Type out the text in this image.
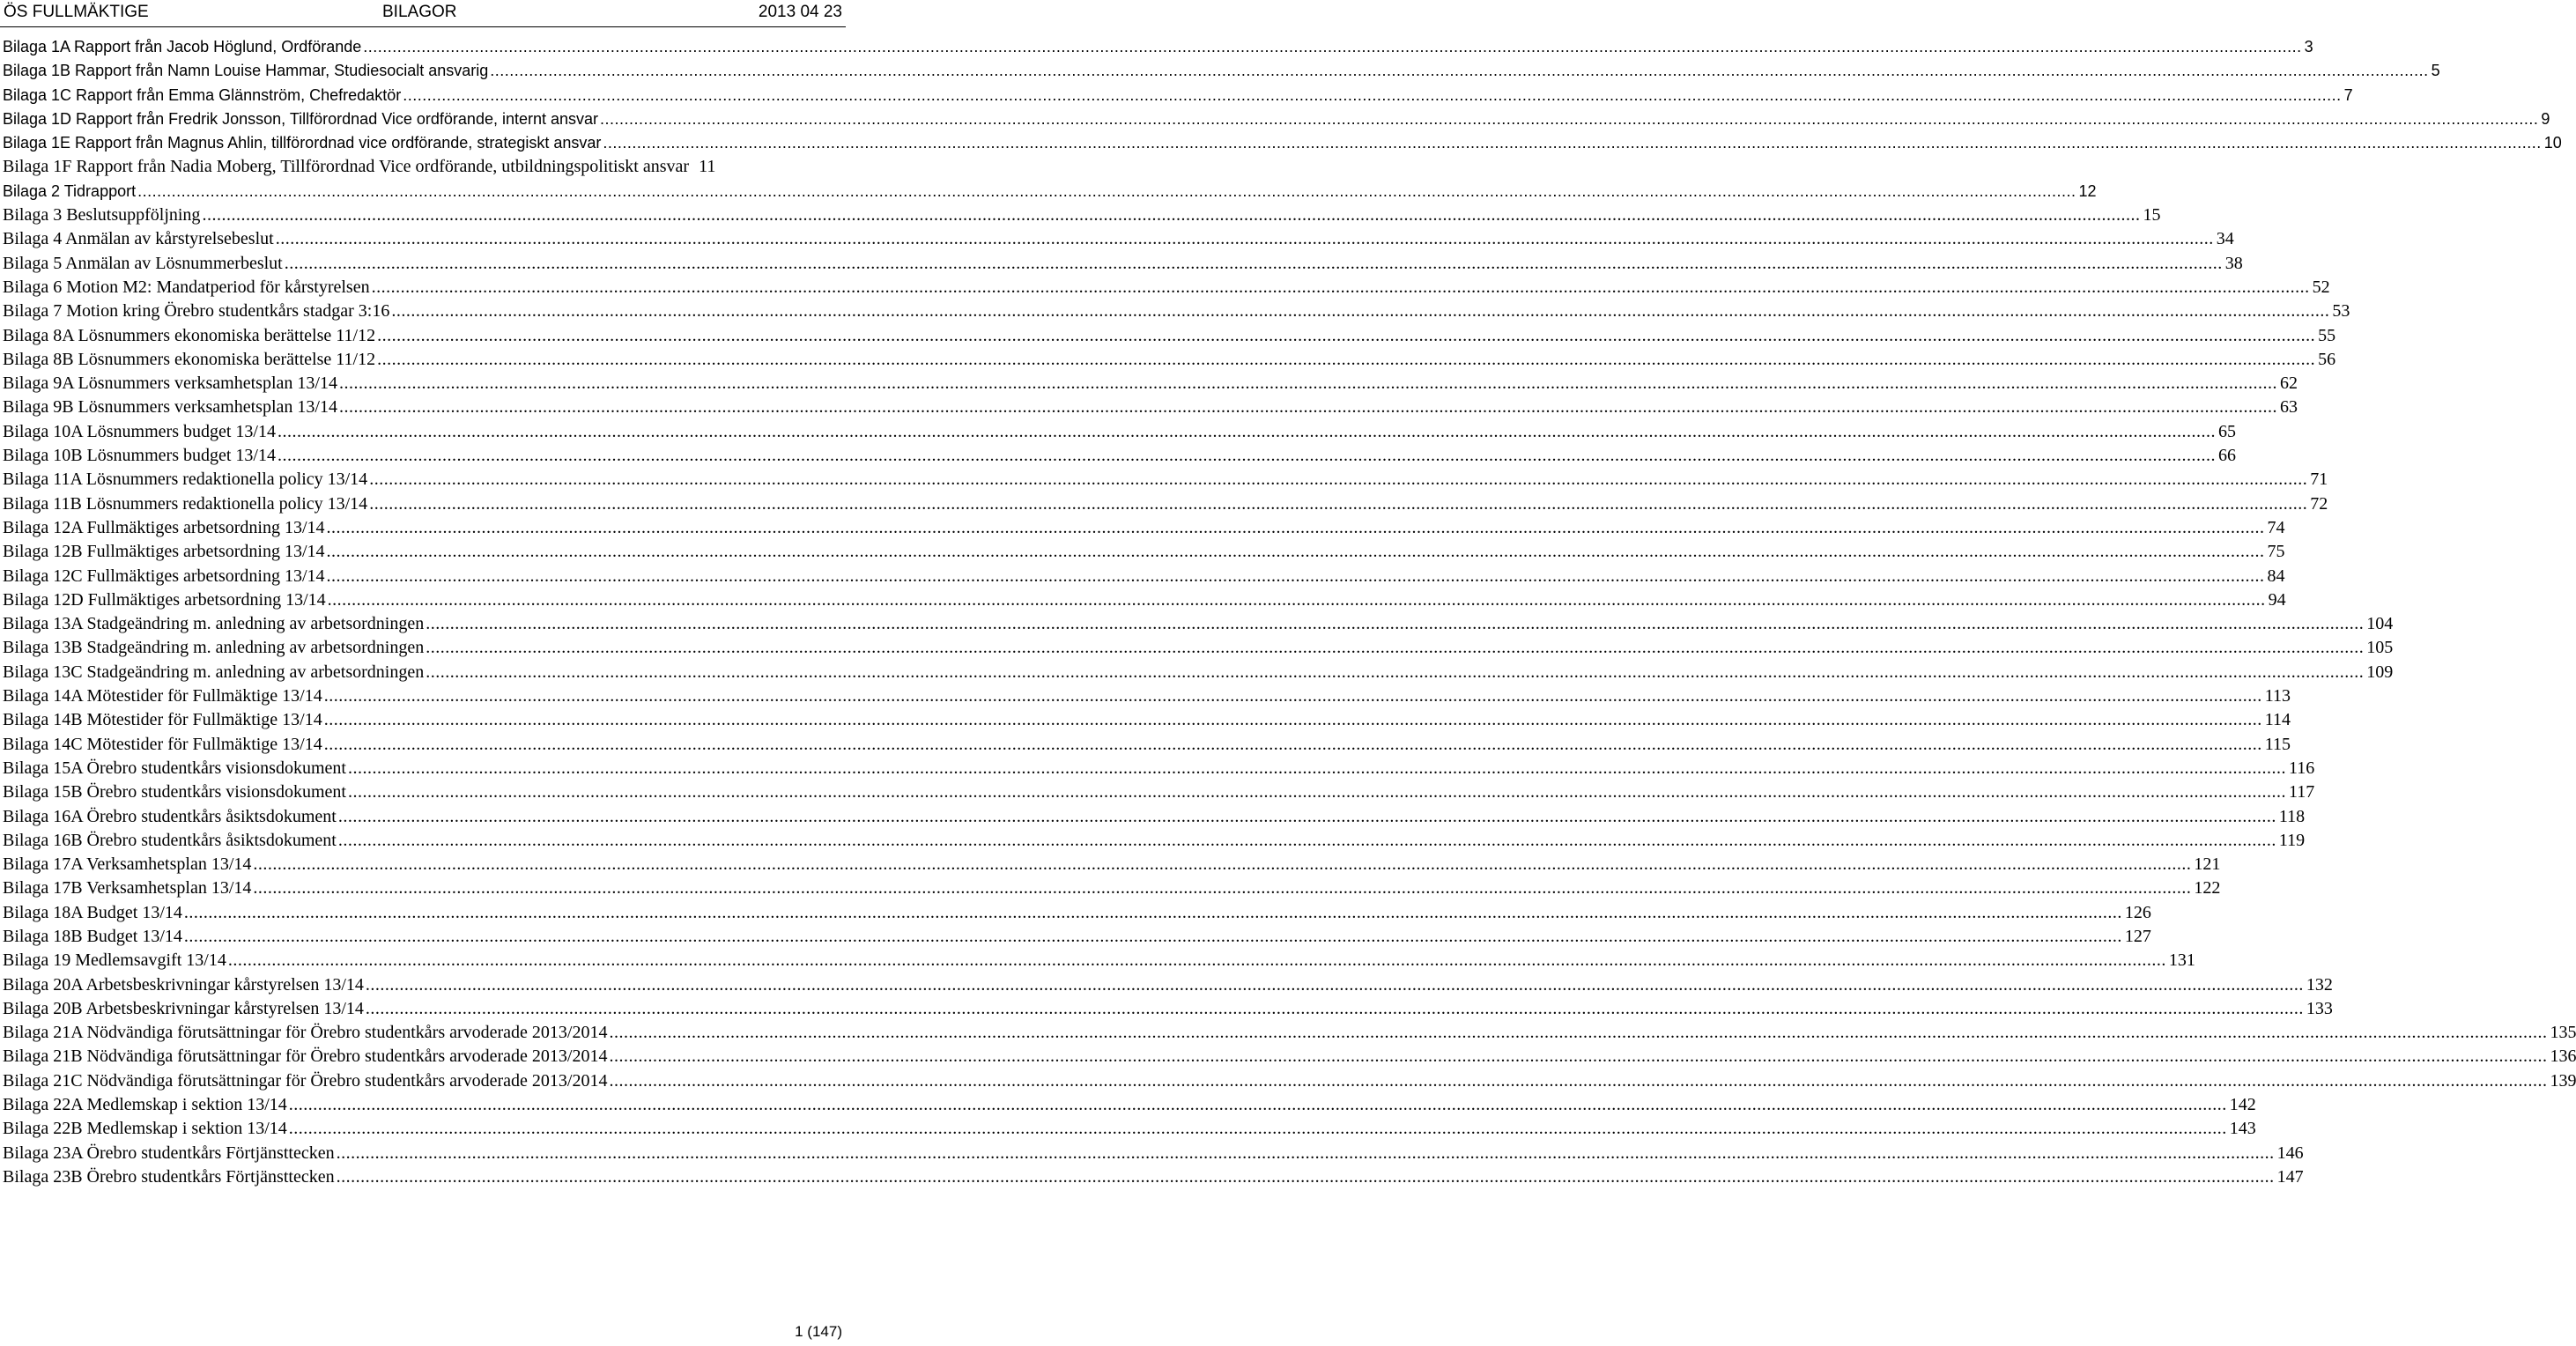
ÖS FULLMÄKTIGE	BILAGOR	2013 04 23
Bilaga 1A Rapport från Jacob Höglund, Ordförande ................................................................................................................................................................................................................................................................................................................................................................................................................ 3
Bilaga 1B Rapport från Namn Louise Hammar, Studiesocialt ansvarig ................................................................................................................................................................................................................................................................................................................................................................................................................ 5
Bilaga 1C Rapport från Emma Glännström, Chefredaktör ................................................................................................................................................................................................................................................................................................................................................................................................................ 7
Bilaga 1D Rapport från Fredrik Jonsson, Tillförordnad Vice ordförande, internt ansvar ................................................................................................................................................................................................................................................................................................................................................................................................................ 9
Bilaga 1E Rapport från Magnus Ahlin, tillförordnad vice ordförande, strategiskt ansvar ................................................................................................................................................................................................................................................................................................................................................................................................................ 10
Bilaga 1F Rapport från Nadia Moberg, Tillförordnad Vice ordförande, utbildningspolitiskt ansvar 11
Bilaga 2 Tidrapport ................................................................................................................................................................................................................................................................................................................................................................................................................ 12
Bilaga 3 Beslutsuppföljning ................................................................................................................................................................................................................................................................................................................................................................................................................ 15
Bilaga 4 Anmälan av kårstyrelsebeslut ................................................................................................................................................................................................................................................................................................................................................................................................................ 34
Bilaga 5 Anmälan av Lösnummerbeslut ................................................................................................................................................................................................................................................................................................................................................................................................................ 38
Bilaga 6 Motion M2: Mandatperiod för kårstyrelsen ................................................................................................................................................................................................................................................................................................................................................................................................................ 52
Bilaga 7 Motion kring Örebro studentkårs stadgar 3:16 ................................................................................................................................................................................................................................................................................................................................................................................................................ 53
Bilaga 8A Lösnummers ekonomiska berättelse 11/12 ................................................................................................................................................................................................................................................................................................................................................................................................................ 55
Bilaga 8B Lösnummers ekonomiska berättelse 11/12 ................................................................................................................................................................................................................................................................................................................................................................................................................ 56
Bilaga 9A Lösnummers verksamhetsplan 13/14 ................................................................................................................................................................................................................................................................................................................................................................................................................ 62
Bilaga 9B Lösnummers verksamhetsplan 13/14 ................................................................................................................................................................................................................................................................................................................................................................................................................ 63
Bilaga 10A Lösnummers budget 13/14 ................................................................................................................................................................................................................................................................................................................................................................................................................ 65
Bilaga 10B Lösnummers budget 13/14 ................................................................................................................................................................................................................................................................................................................................................................................................................ 66
Bilaga 11A Lösnummers redaktionella policy 13/14 ................................................................................................................................................................................................................................................................................................................................................................................................................ 71
Bilaga 11B Lösnummers redaktionella policy 13/14 ................................................................................................................................................................................................................................................................................................................................................................................................................ 72
Bilaga 12A Fullmäktiges arbetsordning 13/14 ................................................................................................................................................................................................................................................................................................................................................................................................................ 74
Bilaga 12B Fullmäktiges arbetsordning 13/14 ................................................................................................................................................................................................................................................................................................................................................................................................................ 75
Bilaga 12C Fullmäktiges arbetsordning 13/14 ................................................................................................................................................................................................................................................................................................................................................................................................................ 84
Bilaga 12D Fullmäktiges arbetsordning 13/14 ................................................................................................................................................................................................................................................................................................................................................................................................................ 94
Bilaga 13A Stadgeändring m. anledning av arbetsordningen ................................................................................................................................................................................................................................................................................................................................................................................................................ 104
Bilaga 13B Stadgeändring m. anledning av arbetsordningen ................................................................................................................................................................................................................................................................................................................................................................................................................ 105
Bilaga 13C Stadgeändring m. anledning av arbetsordningen ................................................................................................................................................................................................................................................................................................................................................................................................................ 109
Bilaga 14A Mötestider för Fullmäktige 13/14 ................................................................................................................................................................................................................................................................................................................................................................................................................ 113
Bilaga 14B Mötestider för Fullmäktige 13/14 ................................................................................................................................................................................................................................................................................................................................................................................................................ 114
Bilaga 14C Mötestider för Fullmäktige 13/14 ................................................................................................................................................................................................................................................................................................................................................................................................................ 115
Bilaga 15A Örebro studentkårs visionsdokument ................................................................................................................................................................................................................................................................................................................................................................................................................ 116
Bilaga 15B Örebro studentkårs visionsdokument ................................................................................................................................................................................................................................................................................................................................................................................................................ 117
Bilaga 16A Örebro studentkårs åsiktsdokument ................................................................................................................................................................................................................................................................................................................................................................................................................ 118
Bilaga 16B Örebro studentkårs åsiktsdokument ................................................................................................................................................................................................................................................................................................................................................................................................................ 119
Bilaga 17A Verksamhetsplan 13/14 ................................................................................................................................................................................................................................................................................................................................................................................................................ 121
Bilaga 17B Verksamhetsplan 13/14 ................................................................................................................................................................................................................................................................................................................................................................................................................ 122
Bilaga 18A Budget 13/14 ................................................................................................................................................................................................................................................................................................................................................................................................................ 126
Bilaga 18B Budget 13/14 ................................................................................................................................................................................................................................................................................................................................................................................................................ 127
Bilaga 19 Medlemsavgift 13/14 ................................................................................................................................................................................................................................................................................................................................................................................................................ 131
Bilaga 20A Arbetsbeskrivningar kårstyrelsen 13/14 ................................................................................................................................................................................................................................................................................................................................................................................................................ 132
Bilaga 20B Arbetsbeskrivningar kårstyrelsen 13/14 ................................................................................................................................................................................................................................................................................................................................................................................................................ 133
Bilaga 21A Nödvändiga förutsättningar för Örebro studentkårs arvoderade 2013/2014 ................................................................................................................................................................................................................................................................................................................................................................................................................ 135
Bilaga 21B Nödvändiga förutsättningar för Örebro studentkårs arvoderade 2013/2014 ................................................................................................................................................................................................................................................................................................................................................................................................................ 136
Bilaga 21C Nödvändiga förutsättningar för Örebro studentkårs arvoderade 2013/2014 ................................................................................................................................................................................................................................................................................................................................................................................................................ 139
Bilaga 22A Medlemskap i sektion 13/14 ................................................................................................................................................................................................................................................................................................................................................................................................................ 142
Bilaga 22B Medlemskap i sektion 13/14 ................................................................................................................................................................................................................................................................................................................................................................................................................ 143
Bilaga 23A Örebro studentkårs Förtjänsttecken ................................................................................................................................................................................................................................................................................................................................................................................................................ 146
Bilaga 23B Örebro studentkårs Förtjänsttecken ................................................................................................................................................................................................................................................................................................................................................................................................................ 147
1 (147)
